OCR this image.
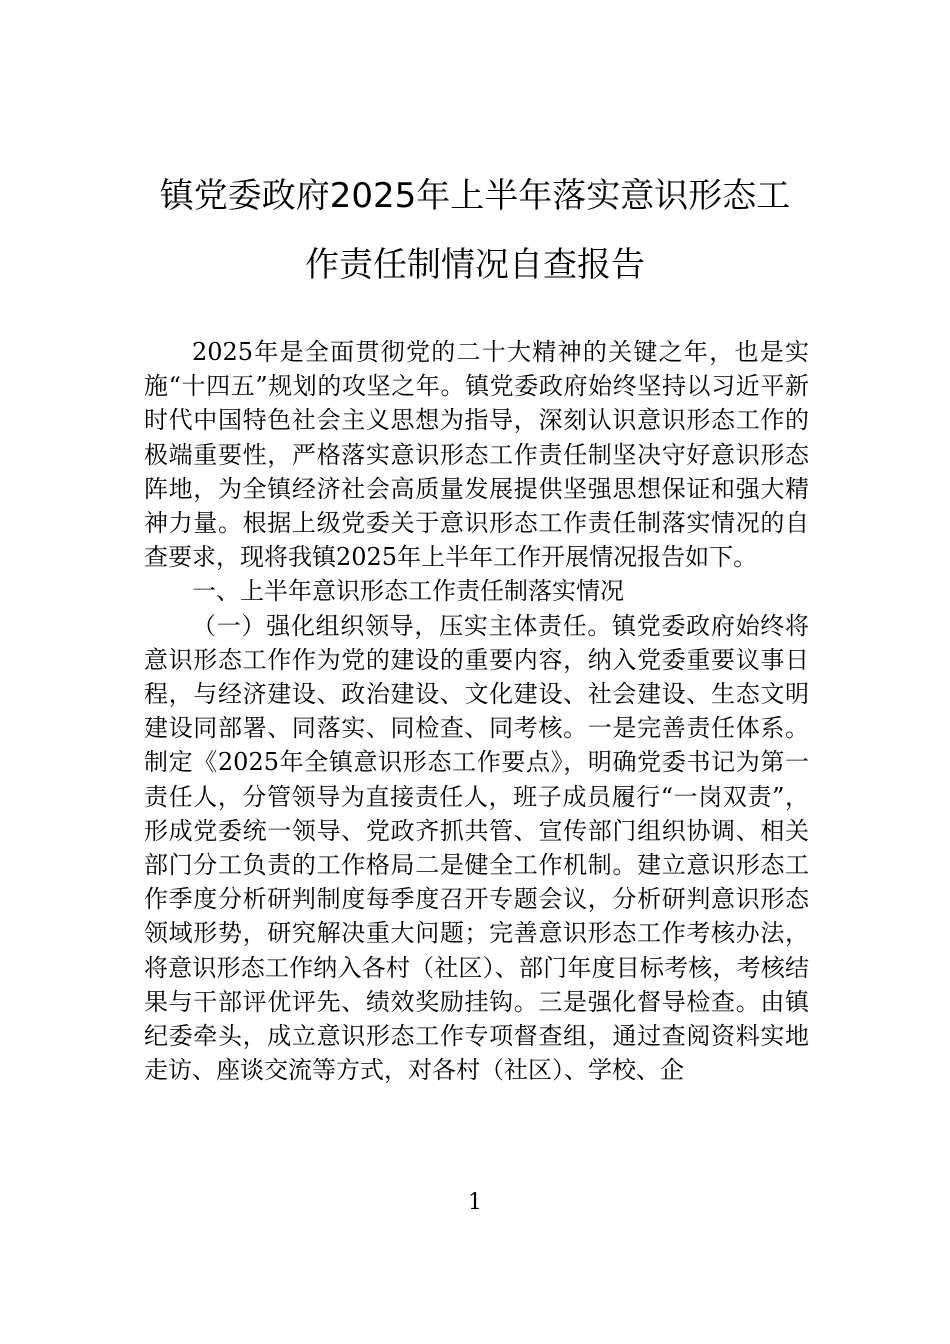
镇党委政府2025年上半年落实意识形态工
作责任制情况自查报告

2025年是全面贯彻党的二十大精神的关键之年，也是实施“十四五”规划的攻坚之年。镇党委政府始终坚持以习近平新时代中国特色社会主义思想为指导，深刻认识意识形态工作的极端重要性，严格落实意识形态工作责任制坚决守好意识形态阵地，为全镇经济社会高质量发展提供坚强思想保证和强大精神力量。根据上级党委关于意识形态工作责任制落实情况的自查要求，现将我镇2025年上半年工作开展情况报告如下。

一、上半年意识形态工作责任制落实情况

（一）强化组织领导，压实主体责任。镇党委政府始终将意识形态工作作为党的建设的重要内容，纳入党委重要议事日程，与经济建设、政治建设、文化建设、社会建设、生态文明建设同部署、同落实、同检查、同考核。一是完善责任体系。制定《2025年全镇意识形态工作要点》，明确党委书记为第一责任人，分管领导为直接责任人，班子成员履行“一岗双责”，形成党委统一领导、党政齐抓共管、宣传部门组织协调、相关部门分工负责的工作格局二是健全工作机制。建立意识形态工作季度分析研判制度每季度召开专题会议，分析研判意识形态领域形势，研究解决重大问题；完善意识形态工作考核办法，将意识形态工作纳入各村（社区）、部门年度目标考核，考核结果与干部评优评先、绩效奖励挂钩。三是强化督导检查。由镇纪委牵头，成立意识形态工作专项督查组，通过查阅资料实地走访、座谈交流等方式，对各村（社区）、学校、企

1
